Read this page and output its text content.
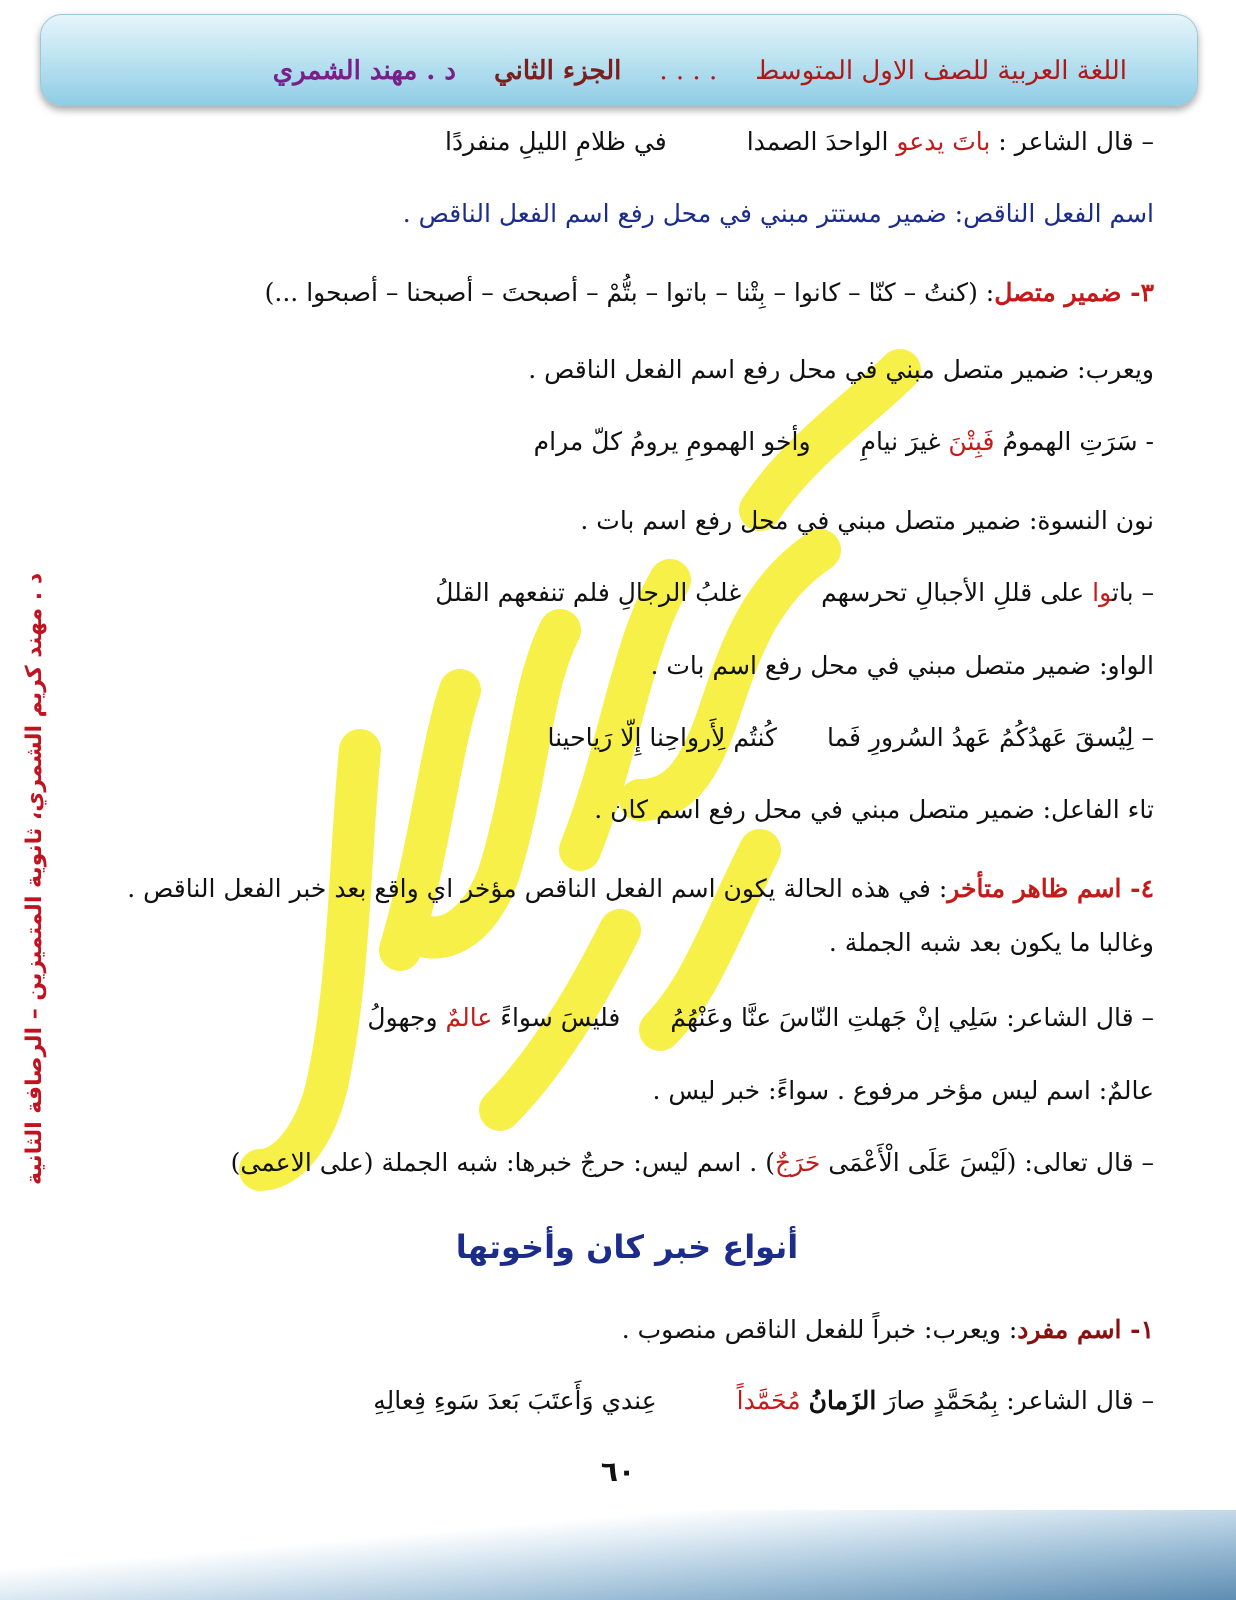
اللغة العربية للصف الاول المتوسط
. . . .
الجزء الثاني
د . مهند الشمري
د . مهند كريم الشمري، ثانوية المتميزين – الرصافة الثانية
– قال الشاعر : باتَ يدعو الواحدَ الصمدافي ظلامِ الليلِ منفردًا
اسم الفعل الناقص: ضمير مستتر مبني في محل رفع اسم الفعل الناقص .
٣- ضمير متصل: (كنتُ – كنّا – كانوا – بِتْنا – باتوا – بتُّمْ – أصبحتَ – أصبحنا – أصبحوا ...)
ويعرب: ضمير متصل مبني في محل رفع اسم الفعل الناقص .
- سَرَتِ الهمومُ فَبِتْنَ غيرَ نيامِوأخو الهمومِ يرومُ كلّ مرام
نون النسوة: ضمير متصل مبني في محل رفع اسم بات .
– باتوا على قللِ الأجبالِ تحرسهمغلبُ الرجالِ فلم تنفعهم القللُ
الواو: ضمير متصل مبني في محل رفع اسم بات .
– لِيُسقَ عَهدُكُمُ عَهدُ السُرورِ فَماكُنتُم لِأَرواحِنا إِلّا رَياحينا
تاء الفاعل: ضمير متصل مبني في محل رفع اسم كان .
٤- اسم ظاهر متأخر: في هذه الحالة يكون اسم الفعل الناقص مؤخر اي واقع بعد خبر الفعل الناقص .
وغالبا ما يكون بعد شبه الجملة .
– قال الشاعر: سَلِي إنْ جَهلتِ النّاسَ عنَّا وعَنْهُمُفليسَ سواءً عالمٌ وجهولُ
عالمٌ: اسم ليس مؤخر مرفوع . سواءً: خبر ليس .
– قال تعالى: (لَيْسَ عَلَى الْأَعْمَى حَرَجٌ) . اسم ليس: حرجٌ خبرها: شبه الجملة (على الاعمى)
أنواع خبر كان وأخوتها
١- اسم مفرد: ويعرب: خبراً للفعل الناقص منصوب .
– قال الشاعر: بِمُحَمَّدٍ صارَ الزَمانُ مُحَمَّداًعِندي وَأَعتَبَ بَعدَ سَوءِ فِعالِهِ
٦٠
